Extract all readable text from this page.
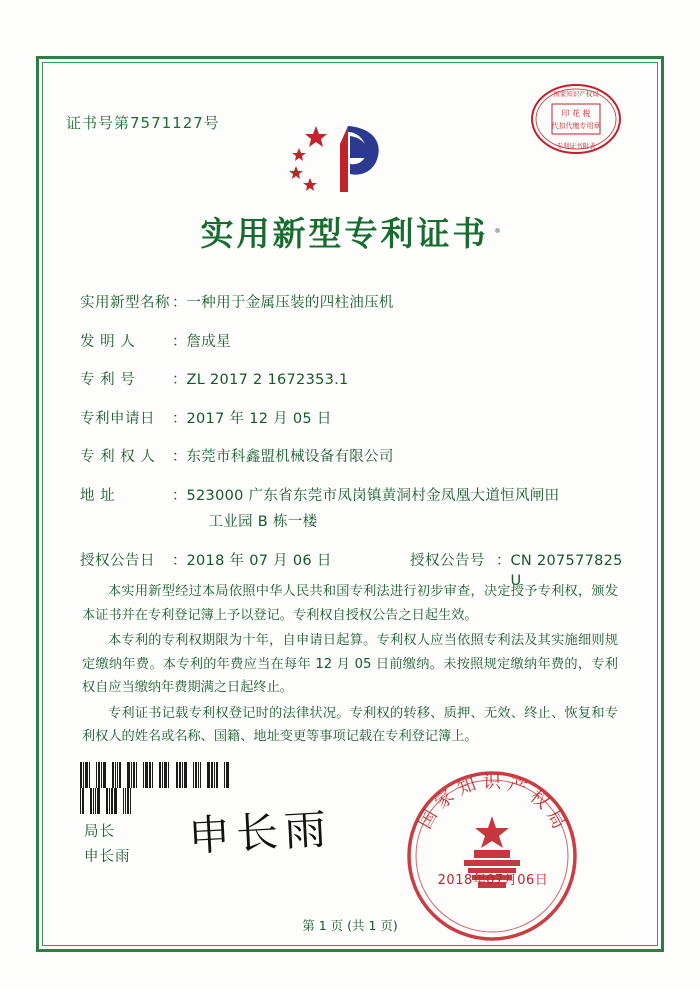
证书号第7571127号
印 花 税
代扣代缴专用章
国家知识产权局
专利证书附表
实用新型专利证书
实用新型名称 ： 一种用于金属压装的四柱油压机
发 明 人	： 詹成星
专 利 号	： ZL 2017 2 1672353.1
专利申请日	： 2017 年 12 月 05 日
专 利 权 人	： 东莞市科鑫盟机械设备有限公司
地 址	： 523000 广东省东莞市凤岗镇黄洞村金凤凰大道恒风闸田
工业园 B 栋一楼
授权公告日	： 2018 年 07 月 06 日	授权公告号 ： CN 207577825 U
本实用新型经过本局依照中华人民共和国专利法进行初步审查，决定授予专利权，颁发本证书并在专利登记簿上予以登记。专利权自授权公告之日起生效。
本专利的专利权期限为十年，自申请日起算。专利权人应当依照专利法及其实施细则规定缴纳年费。本专利的年费应当在每年 12 月 05 日前缴纳。未按照规定缴纳年费的，专利权自应当缴纳年费期满之日起终止。
专利证书记载专利权登记时的法律状况。专利权的转移、质押、无效、终止、恢复和专利权人的姓名或名称、国籍、地址变更等事项记载在专利登记簿上。

局长
申长雨 申长雨	国 家 知 识 产 权 局
2018年07月06日
第 1 页 (共 1 页)
